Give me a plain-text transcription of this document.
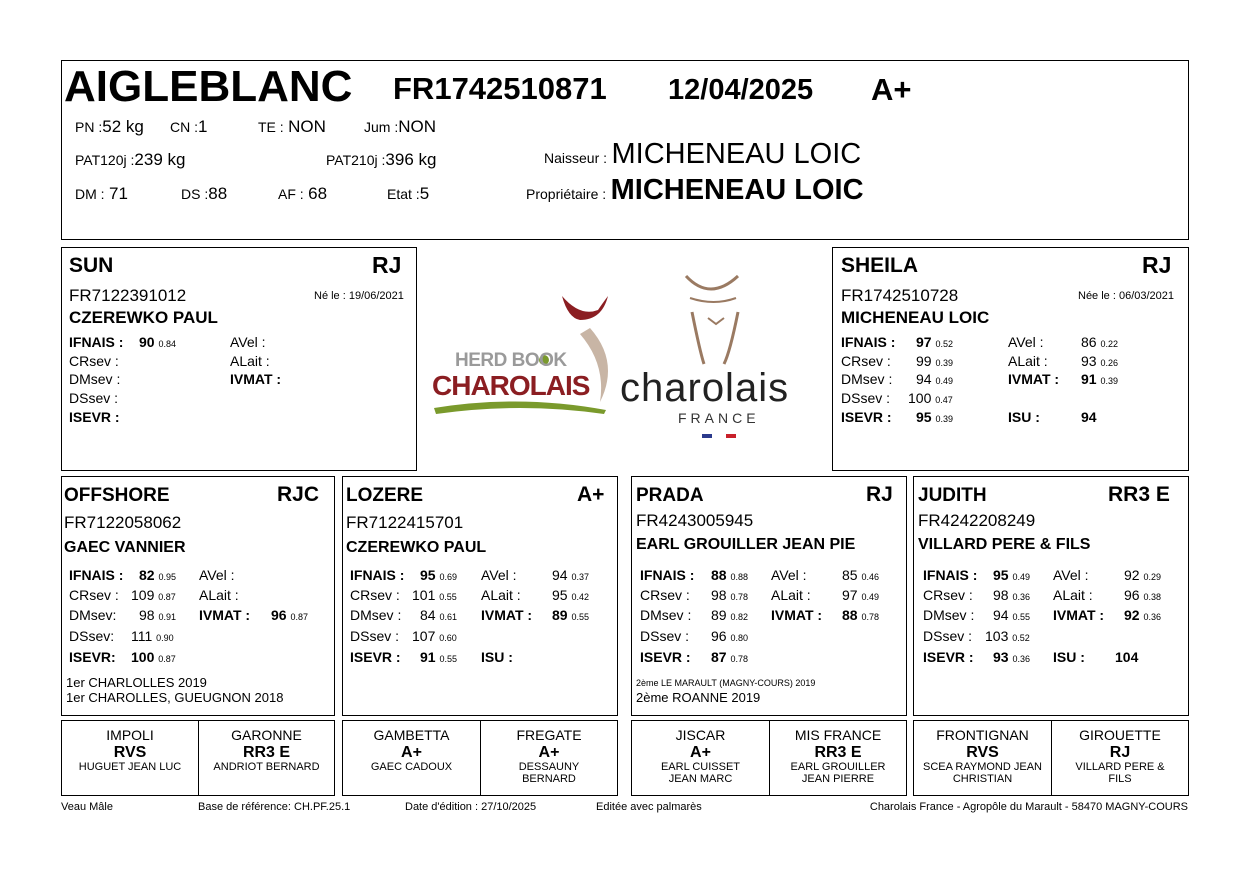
AIGLEBLANC FR1742510871 12/04/2025 A+
PN :52 kg CN :1	TE : NON	Jum :NON
PAT120j :239 kg	PAT210j :396 kg
DM : 71	DS :88	AF : 68	Etat :5
Naisseur : MICHENEAU LOIC
Propriétaire : MICHENEAU LOIC
SUN	RJ
FR7122391012	Né le : 19/06/2021
CZEREWKO PAUL
IFNAIS : 90 0.84
CRsev :
DMsev :
DSsev :
ISEVR :
AVel :
ALait :
IVMAT :
HERD BOOK
CHAROLAIS charolais
FRANCE
SHEILA	RJ
FR1742510728	Née le : 06/03/2021
MICHENEAU LOIC
IFNAIS : 97 0.52
CRsev : 99 0.39
DMsev : 94 0.49
DSsev : 100 0.47
ISEVR : 95 0.39
AVel :	86 0.22
ALait : 93 0.26
IVMAT : 91 0.39
ISU :	94
OFFSHORE	RJC
FR7122058062
GAEC VANNIER
IFNAIS : 82 0.95
CRsev : 109 0.87
DMsev: 98 0.91
DSsev: 111 0.90
ISEVR: 100 0.87
AVel :
ALait :
IVMAT : 96 0.87
1er CHARLOLLES 2019
1er CHAROLLES, GUEUGNON 2018
LOZERE	A+
FR7122415701
CZEREWKO PAUL
IFNAIS : 95 0.69
CRsev : 101 0.55
DMsev : 84 0.61
DSsev : 107 0.60
ISEVR : 91 0.55
AVel :	94 0.37
ALait : 95 0.42
IVMAT : 89 0.55
ISU :
PRADA	RJ
FR4243005945
EARL GROUILLER JEAN PIE
IFNAIS : 88 0.88
CRsev : 98 0.78
DMsev : 89 0.82
DSsev : 96 0.80
ISEVR : 87 0.78
AVel :	85 0.46
ALait : 97 0.49
IVMAT : 88 0.78
2ème LE MARAULT (MAGNY-COURS) 2019
2ème ROANNE 2019
JUDITH	RR3 E
FR4242208249
VILLARD PERE & FILS
IFNAIS : 95 0.49
CRsev : 98 0.36
DMsev : 94 0.55
DSsev : 103 0.52
ISEVR : 93 0.36
AVel :	92 0.29
ALait : 96 0.38
IVMAT : 92 0.36
ISU : 104
IMPOLI
RVS
HUGUET JEAN LUC
GARONNE
RR3 E
ANDRIOT BERNARD
GAMBETTA
A+
GAEC CADOUX
FREGATE
A+
DESSAUNY BERNARD
JISCAR
A+
EARL CUISSET JEAN MARC
MIS FRANCE
RR3 E
EARL GROUILLER JEAN PIERRE
FRONTIGNAN
RVS
SCEA RAYMOND JEAN CHRISTIAN
GIROUETTE
RJ
VILLARD PERE & FILS
Veau Mâle	Base de référence: CH.PF.25.1	Date d'édition : 27/10/2025	Editée avec palmarès	Charolais France - Agropôle du Marault - 58470 MAGNY-COURS
